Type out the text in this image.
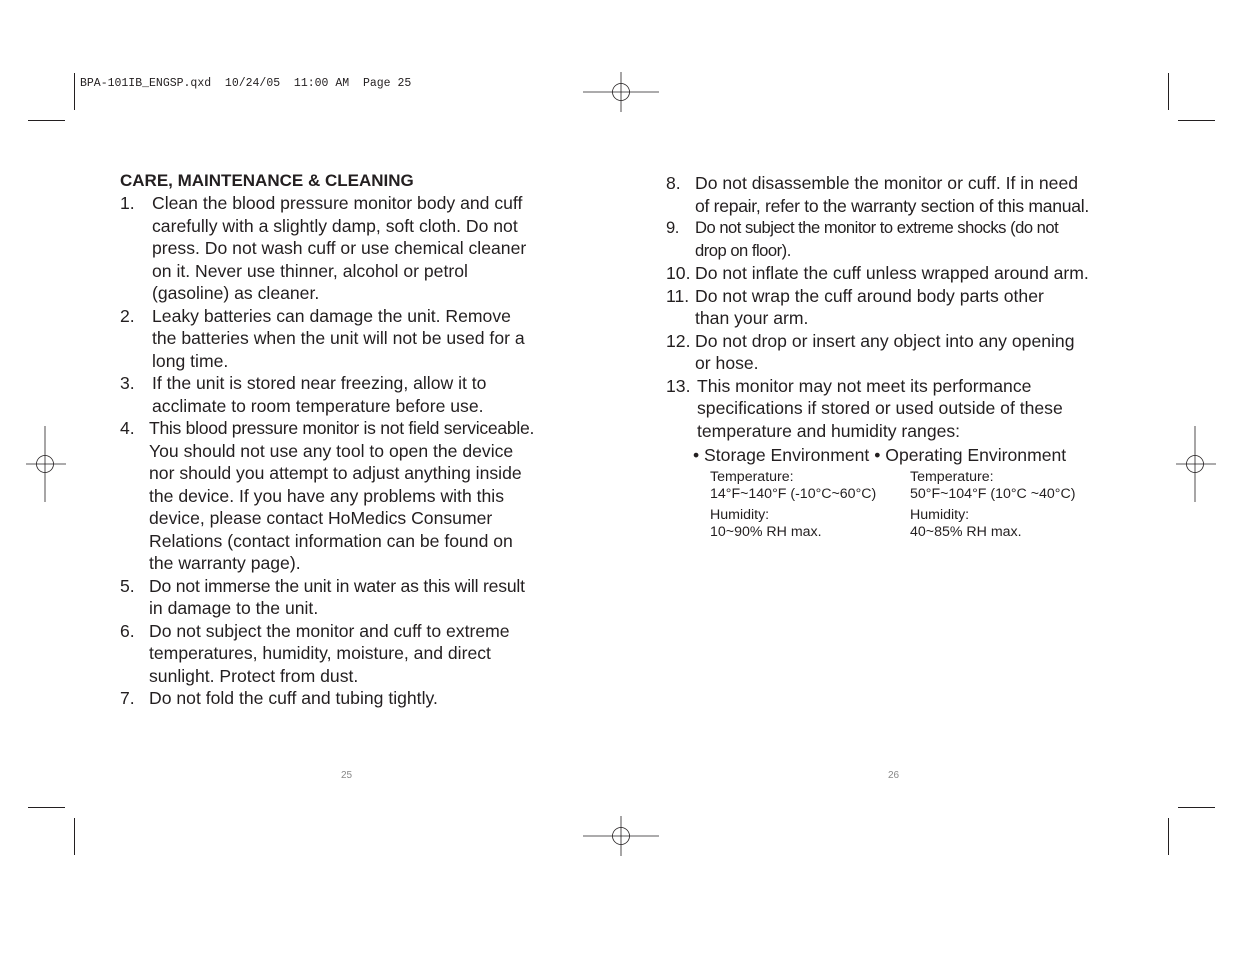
BPA-101IB_ENGSP.qxd  10/24/05  11:00 AM  Page 25
CARE, MAINTENANCE & CLEANING
1. Clean the blood pressure monitor body and cuff
carefully with a slightly damp, soft cloth. Do not
press. Do not wash cuff or use chemical cleaner
on it. Never use thinner, alcohol or petrol
(gasoline) as cleaner.
2. Leaky batteries can damage the unit. Remove
the batteries when the unit will not be used for a
long time.
3. If the unit is stored near freezing, allow it to
acclimate to room temperature before use.
4. This blood pressure monitor is not field serviceable.
You should not use any tool to open the device
nor should you attempt to adjust anything inside
the device. If you have any problems with this
device, please contact HoMedics Consumer
Relations (contact information can be found on
the warranty page).
5. Do not immerse the unit in water as this will result
in damage to the unit.
6. Do not subject the monitor and cuff to extreme
temperatures, humidity, moisture, and direct
sunlight. Protect from dust.
7. Do not fold the cuff and tubing tightly.
25
8. Do not disassemble the monitor or cuff. If in need
of repair, refer to the warranty section of this manual.
9. Do not subject the monitor to extreme shocks (do not
drop on floor).
10. Do not inflate the cuff unless wrapped around arm.
11. Do not wrap the cuff around body parts other
than your arm.
12. Do not drop or insert any object into any opening
or hose.
13. This monitor may not meet its performance
specifications if stored or used outside of these
temperature and humidity ranges:
• Storage Environment • Operating Environment

Temperature:
14°F~140°F (-10°C~60°C)

Humidity:
10~90% RH max.

Temperature:
50°F~104°F (10°C ~40°C)

Humidity:
40~85% RH max.

26
